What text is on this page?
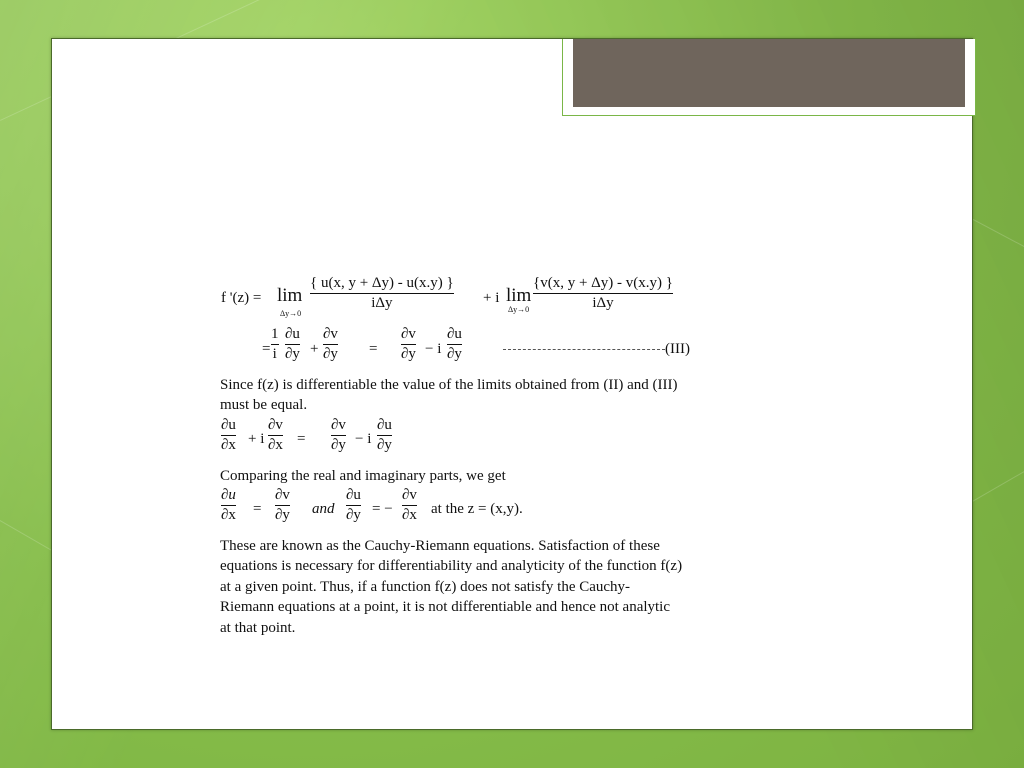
f '(z) = lim
Δy→0
{ u(x, y + Δy) - u(x.y) }
iΔy	+ i lim
Δy→0
{v(x, y + Δy) - v(x.y) }
iΔy
=
1
i
∂u
∂y +
∂v
∂y =
∂v
∂y − i
∂u
∂y	(III)
Since f(z) is differentiable the value of the limits obtained from (II) and (III)
must be equal.
∂u
∂x + i
∂v
∂x =
∂v
∂y − i
∂u
∂y
Comparing the real and imaginary parts, we get
∂u
∂x =
∂v
∂y and
∂u
∂y = −
∂v
∂x at the z = (x,y).
These are known as the Cauchy-Riemann equations. Satisfaction of these
equations is necessary for differentiability and analyticity of the function f(z)
at a given point. Thus, if a function f(z) does not satisfy the Cauchy-
Riemann equations at a point, it is not differentiable and hence not analytic
at that point.
